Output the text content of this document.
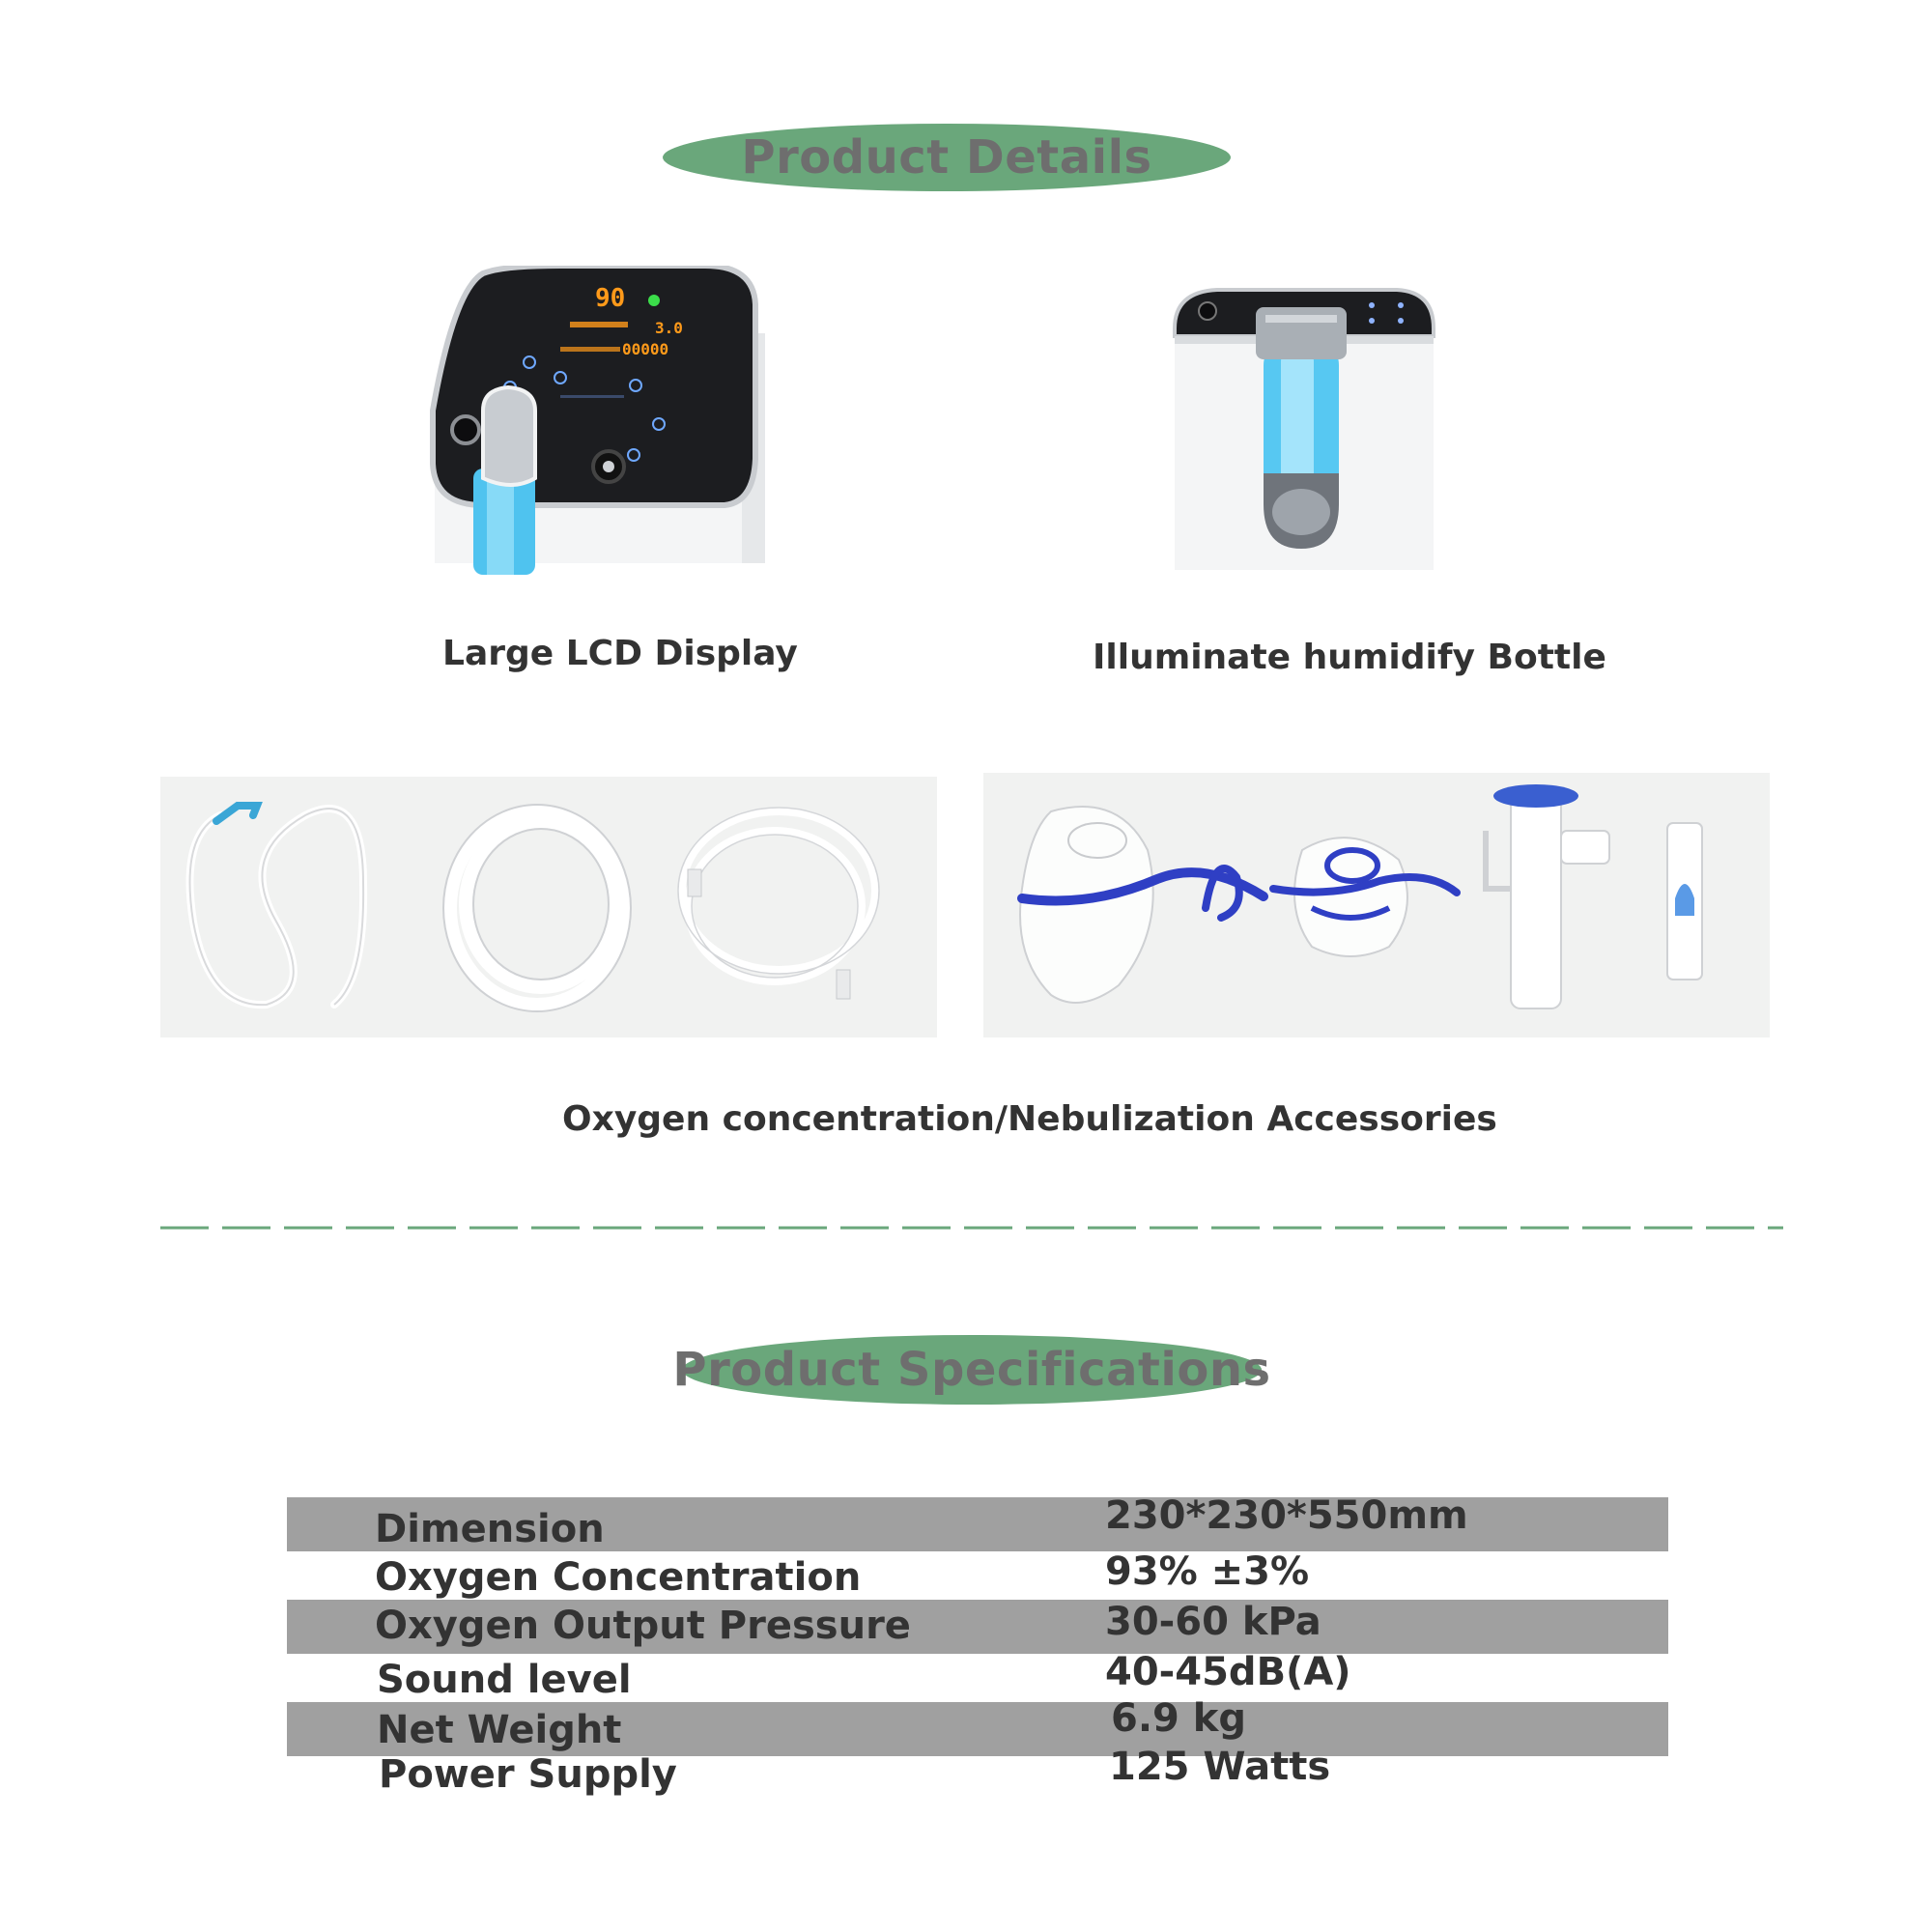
Product Details
90
3.0
00000
Large LCD Display	Illuminate humidify Bottle
Oxygen concentration/Nebulization Accessories
Product Specifications
Dimension	230*230*550mm
Oxygen Concentration	93% ±3%
Oxygen Output Pressure	30-60 kPa
Sound level	40-45dB(A)
Net Weight	6.9 kg
Power Supply	125 Watts
